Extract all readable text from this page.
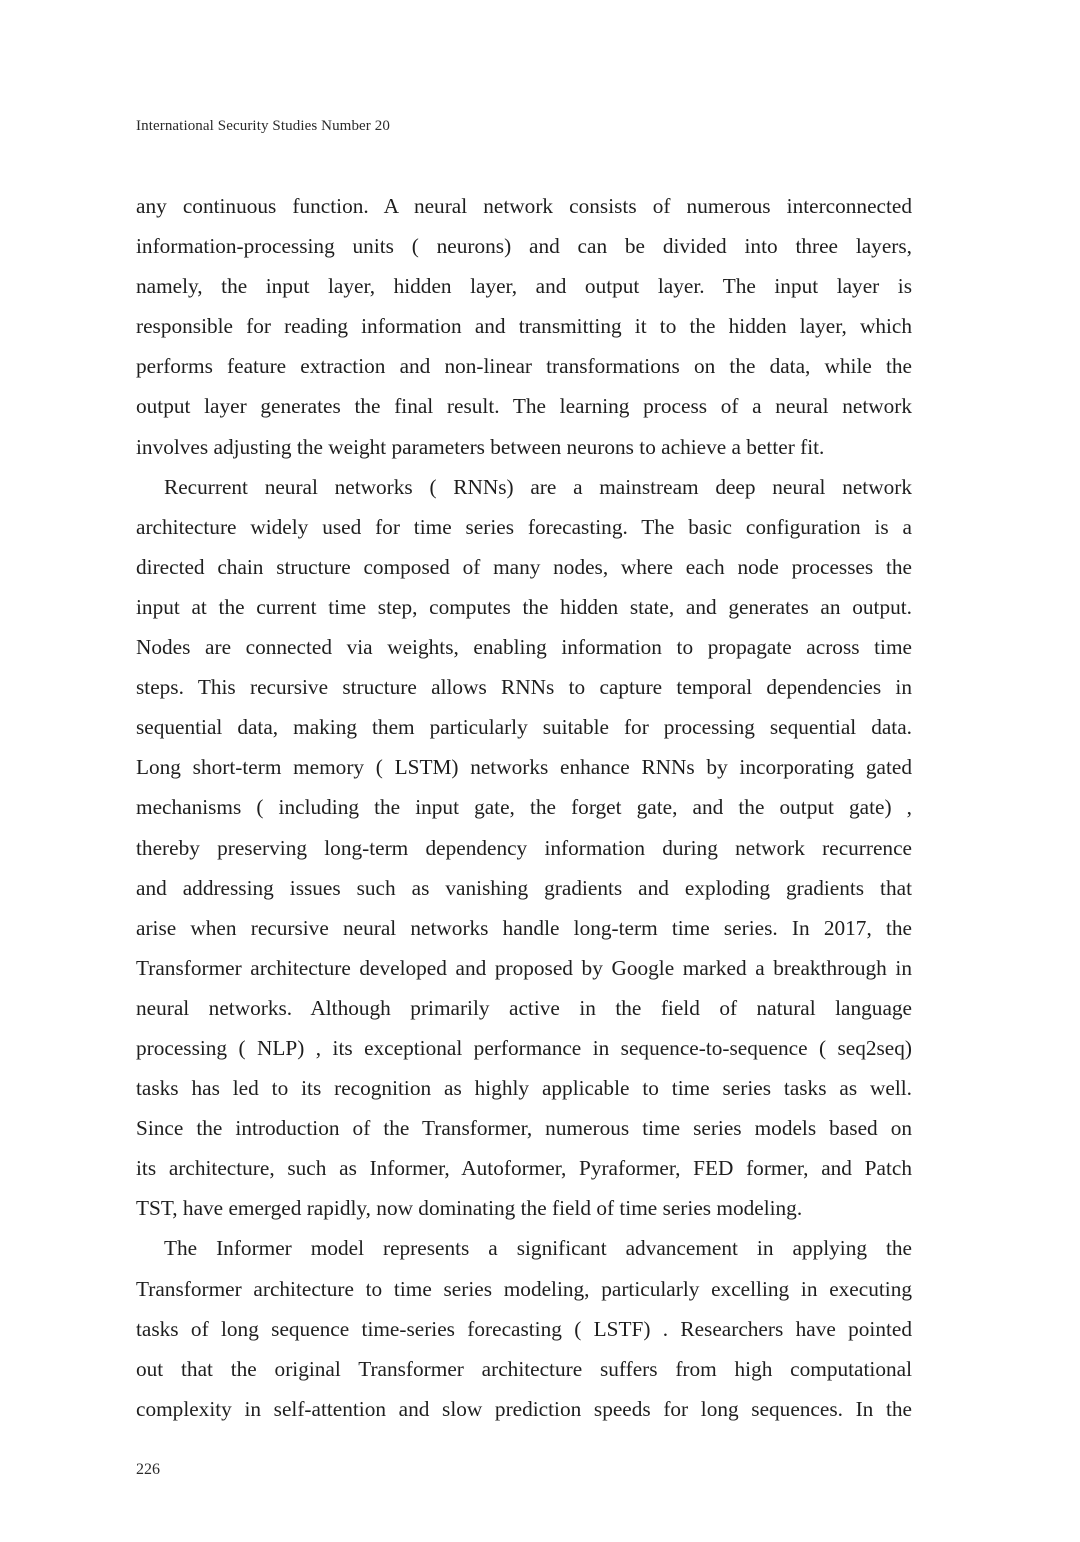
International Security Studies Number 20

any continuous function. A neural network consists of numerous interconnected

information-processing units ( neurons) and can be divided into three layers,

namely, the input layer, hidden layer, and output layer. The input layer is

responsible for reading information and transmitting it to the hidden layer, which

performs feature extraction and non-linear transformations on the data, while the

output layer generates the final result. The learning process of a neural network

involves adjusting the weight parameters between neurons to achieve a better fit.

Recurrent neural networks ( RNNs) are a mainstream deep neural network

architecture widely used for time series forecasting. The basic configuration is a

directed chain structure composed of many nodes, where each node processes the

input at the current time step, computes the hidden state, and generates an output.

Nodes are connected via weights, enabling information to propagate across time

steps. This recursive structure allows RNNs to capture temporal dependencies in

sequential data, making them particularly suitable for processing sequential data.

Long short-term memory ( LSTM) networks enhance RNNs by incorporating gated

mechanisms ( including the input gate, the forget gate, and the output gate) ,

thereby preserving long-term dependency information during network recurrence

and addressing issues such as vanishing gradients and exploding gradients that

arise when recursive neural networks handle long-term time series. In 2017, the

Transformer architecture developed and proposed by Google marked a breakthrough in

neural networks. Although primarily active in the field of natural language

processing ( NLP) , its exceptional performance in sequence-to-sequence ( seq2seq)

tasks has led to its recognition as highly applicable to time series tasks as well.

Since the introduction of the Transformer, numerous time series models based on

its architecture, such as Informer, Autoformer, Pyraformer, FED former, and Patch

TST, have emerged rapidly, now dominating the field of time series modeling.

The Informer model represents a significant advancement in applying the

Transformer architecture to time series modeling, particularly excelling in executing

tasks of long sequence time-series forecasting ( LSTF) . Researchers have pointed

out that the original Transformer architecture suffers from high computational

complexity in self-attention and slow prediction speeds for long sequences. In the

226
